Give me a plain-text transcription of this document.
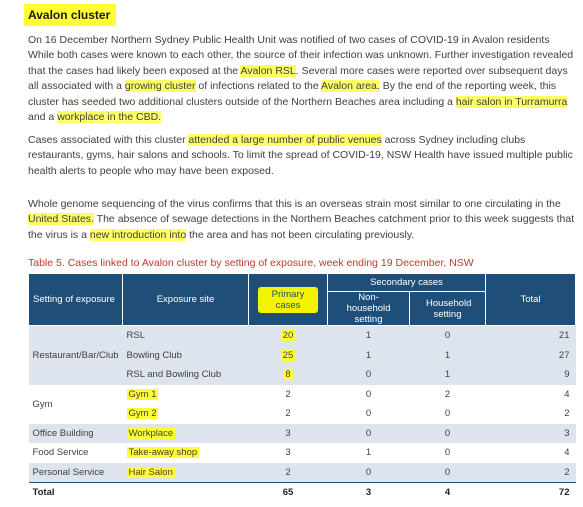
Avalon cluster
On 16 December Northern Sydney Public Health Unit was notified of two cases of COVID-19 in Avalon residents
While both cases were known to each other, the source of their infection was unknown. Further investigation revealed
that the cases had likely been exposed at the Avalon RSL. Several more cases were reported over subsequent days
all associated with a growing cluster of infections related to the Avalon area. By the end of the reporting week, this
cluster has seeded two additional clusters outside of the Northern Beaches area including a hair salon in Turramurra
and a workplace in the CBD.
Cases associated with this cluster attended a large number of public venues across Sydney including clubs
restaurants, gyms, hair salons and schools. To limit the spread of COVID-19, NSW Health have issued multiple public
health alerts to people who may have been exposed.
Whole genome sequencing of the virus confirms that this is an overseas strain most similar to one circulating in the
United States. The absence of sewage detections in the Northern Beaches catchment prior to this week suggests that
the virus is a new introduction into the area and has not been circulating previously.
Table 5. Cases linked to Avalon cluster by setting of exposure, week ending 19 December, NSW
Setting of exposure	Exposure site	Primary cases	Secondary cases		Total
			Non-household setting	Household setting	
Restaurant/Bar/Club	RSL	20	1	0	21
	Bowling Club	25	1	1	27
	RSL and Bowling Club	8	0	1	9
Gym	Gym 1	2	0	2	4
	Gym 2	2	0	0	2
Office Building	Workplace	3	0	0	3
Food Service	Take-away shop	3	1	0	4
Personal Service	Hair Salon	2	0	0	2
Total		65	3	4	72
